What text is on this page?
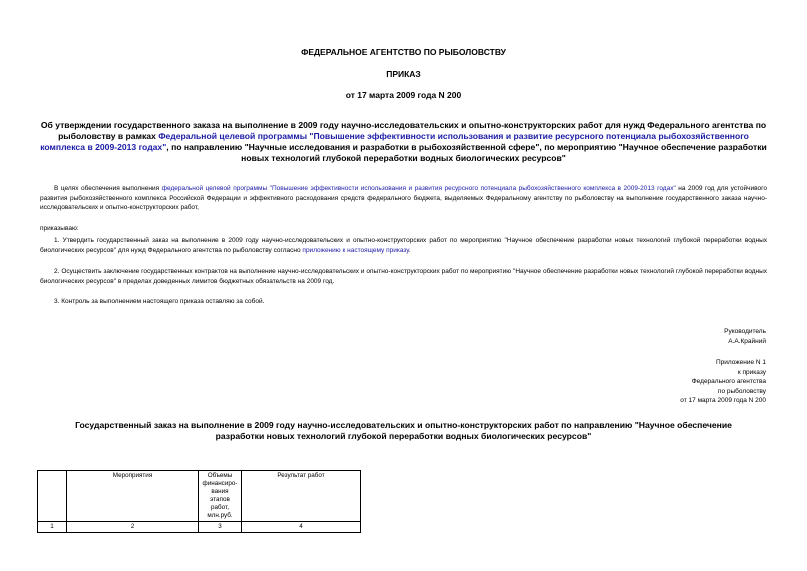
ФЕДЕРАЛЬНОЕ АГЕНТСТВО ПО РЫБОЛОВСТВУ
ПРИКАЗ
от 17 марта 2009 года N 200
Об утверждении государственного заказа на выполнение в 2009 году научно-исследовательских и опытно-конструкторских работ для нужд Федерального агентства по рыболовству в рамках Федеральной целевой программы "Повышение эффективности использования и развитие ресурсного потенциала рыбохозяйственного комплекса в 2009-2013 годах", по направлению "Научные исследования и разработки в рыбохозяйственной сфере", по мероприятию "Научное обеспечение разработки новых технологий глубокой переработки водных биологических ресурсов"
В целях обеспечения выполнения федеральной целевой программы "Повышение эффективности использования и развития ресурсного потенциала рыбохозяйственного комплекса в 2009-2013 годах" на 2009 год для устойчивого развития рыбохозяйственного комплекса Российской Федерации и эффективного расходования средств федерального бюджета, выделяемых Федеральному агентству по рыболовству на выполнение государственного заказа научно-исследовательских и опытно-конструкторских работ,
приказываю:
1. Утвердить государственный заказ на выполнение в 2009 году научно-исследовательских и опытно-конструкторских работ по мероприятию "Научное обеспечение разработки новых технологий глубокой переработки водных биологических ресурсов" для нужд Федерального агентства по рыболовству согласно приложению к настоящему приказу.
2. Осуществить заключение государственных контрактов на выполнение научно-исследовательских и опытно-конструкторских работ по мероприятию "Научное обеспечение разработки новых технологий глубокой переработки водных биологических ресурсов" в пределах доведенных лимитов бюджетных обязательств на 2009 год.
3. Контроль за выполнением настоящего приказа оставляю за собой.
Руководитель
А.А.Крайний
Приложение N 1
к приказу
Федерального агентства
по рыболовству
от 17 марта 2009 года N 200
Государственный заказ на выполнение в 2009 году научно-исследовательских и опытно-конструкторских работ по направлению "Научное обеспечение разработки новых технологий глубокой переработки водных биологических ресурсов"
	Мероприятия	Объемы финансиро-вания этапов работ, млн.руб.	Результат работ
1	2	3	4
